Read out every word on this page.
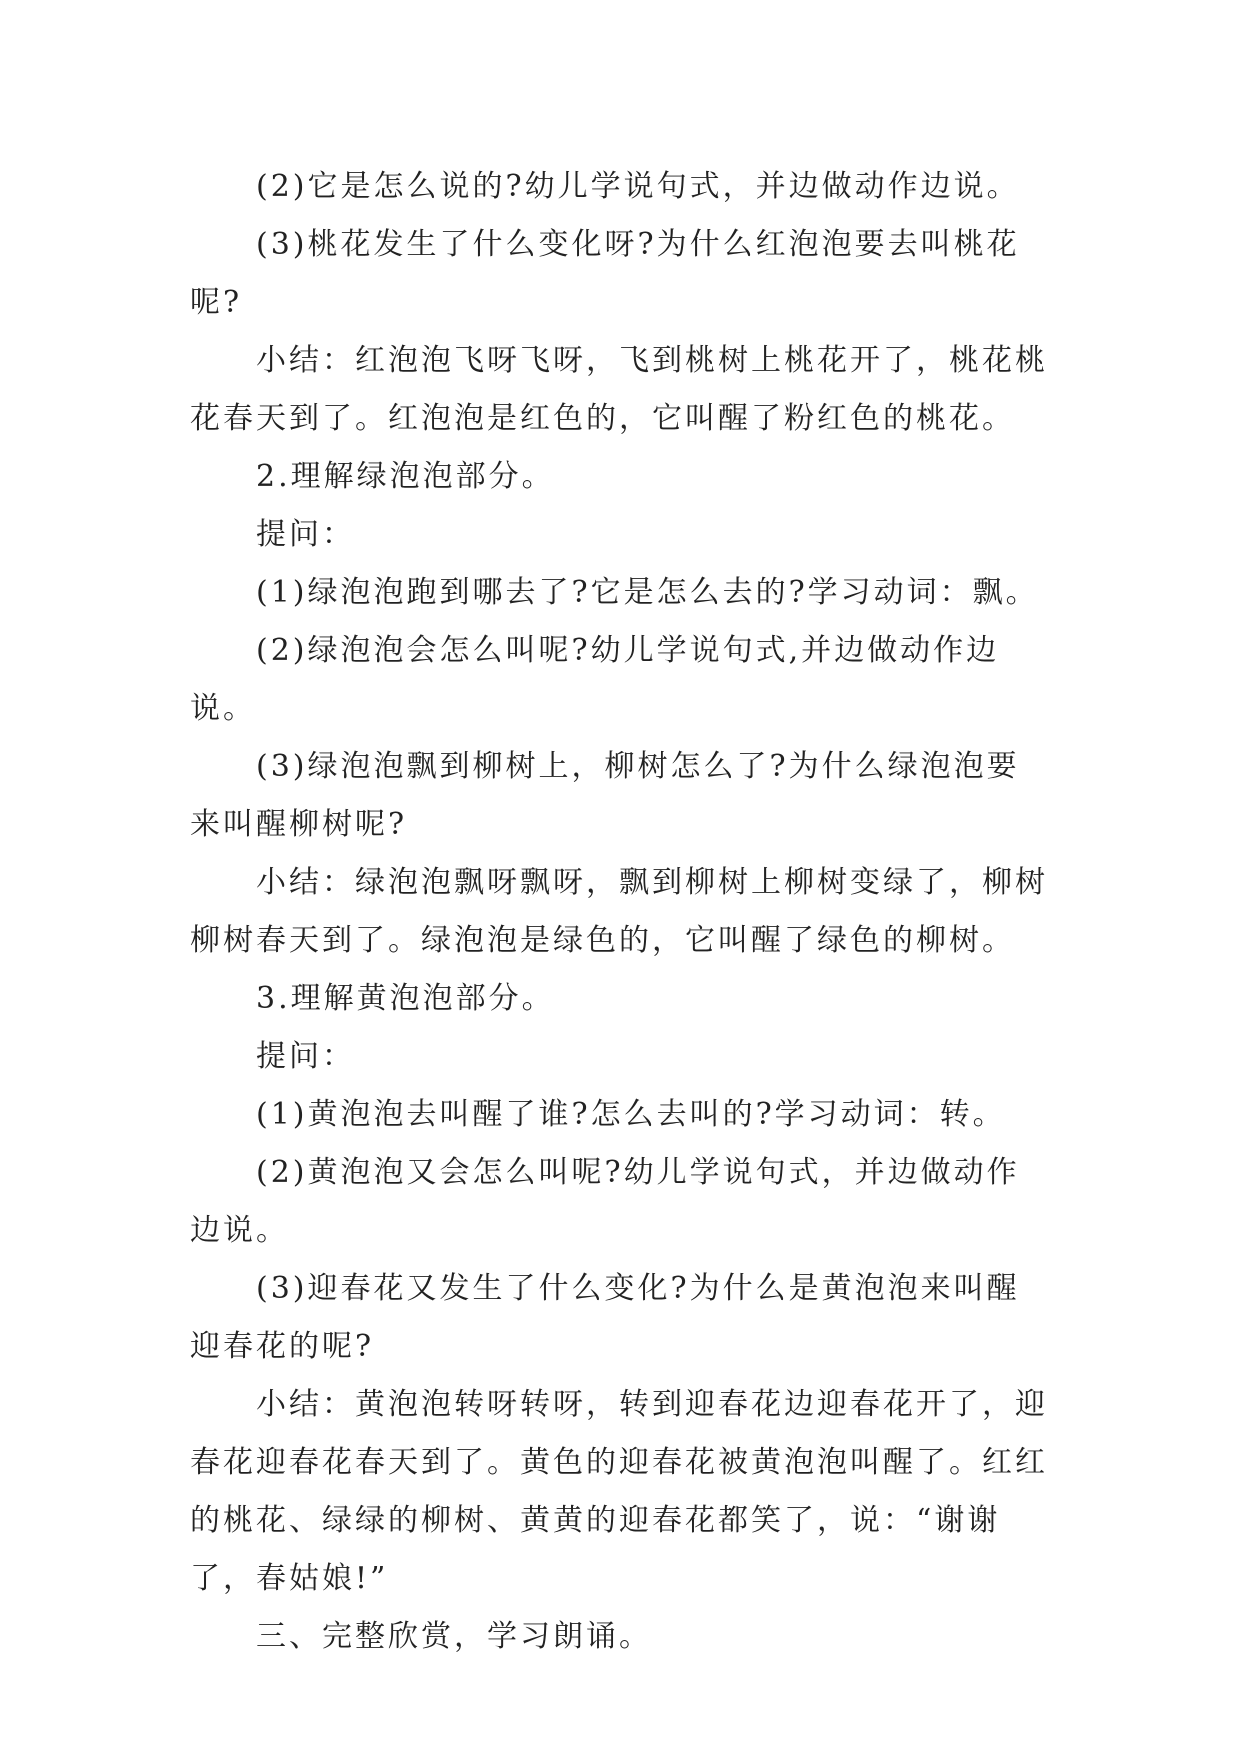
(2)它是怎么说的?幼儿学说句式，并边做动作边说。

(3)桃花发生了什么变化呀?为什么红泡泡要去叫桃花呢?

小结：红泡泡飞呀飞呀，飞到桃树上桃花开了，桃花桃花春天到了。红泡泡是红色的，它叫醒了粉红色的桃花。

2.理解绿泡泡部分。

提问：

(1)绿泡泡跑到哪去了?它是怎么去的?学习动词：飘。

(2)绿泡泡会怎么叫呢?幼儿学说句式,并边做动作边说。

(3)绿泡泡飘到柳树上，柳树怎么了?为什么绿泡泡要来叫醒柳树呢?

小结：绿泡泡飘呀飘呀，飘到柳树上柳树变绿了，柳树柳树春天到了。绿泡泡是绿色的，它叫醒了绿色的柳树。

3.理解黄泡泡部分。

提问：

(1)黄泡泡去叫醒了谁?怎么去叫的?学习动词：转。

(2)黄泡泡又会怎么叫呢?幼儿学说句式，并边做动作边说。

(3)迎春花又发生了什么变化?为什么是黄泡泡来叫醒迎春花的呢?

小结：黄泡泡转呀转呀，转到迎春花边迎春花开了，迎春花迎春花春天到了。黄色的迎春花被黄泡泡叫醒了。红红的桃花、绿绿的柳树、黄黄的迎春花都笑了，说：“谢谢了，春姑娘!”

三、完整欣赏，学习朗诵。
